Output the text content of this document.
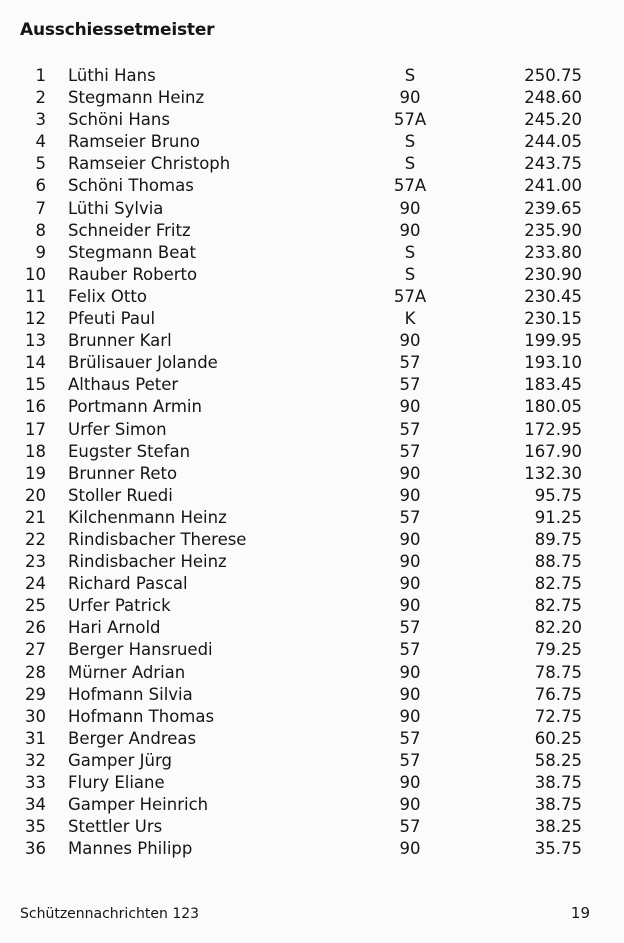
Ausschiessetmeister
1 Lüthi Hans	S	250.75
2 Stegmann Heinz	90	248.60
3 Schöni Hans	57A	245.20
4 Ramseier Bruno	S	244.05
5 Ramseier Christoph	S	243.75
6 Schöni Thomas	57A	241.00
7 Lüthi Sylvia	90	239.65
8 Schneider Fritz	90	235.90
9 Stegmann Beat	S	233.80
10 Rauber Roberto	S	230.90
11 Felix Otto	57A	230.45
12 Pfeuti Paul	K	230.15
13 Brunner Karl	90	199.95
14 Brülisauer Jolande	57	193.10
15 Althaus Peter	57	183.45
16 Portmann Armin	90	180.05
17 Urfer Simon	57	172.95
18 Eugster Stefan	57	167.90
19 Brunner Reto	90	132.30
20 Stoller Ruedi	90	95.75
21 Kilchenmann Heinz	57	91.25
22 Rindisbacher Therese	90	89.75
23 Rindisbacher Heinz	90	88.75
24 Richard Pascal	90	82.75
25 Urfer Patrick	90	82.75
26 Hari Arnold	57	82.20
27 Berger Hansruedi	57	79.25
28 Mürner Adrian	90	78.75
29 Hofmann Silvia	90	76.75
30 Hofmann Thomas	90	72.75
31 Berger Andreas	57	60.25
32 Gamper Jürg	57	58.25
33 Flury Eliane	90	38.75
34 Gamper Heinrich	90	38.75
35 Stettler Urs	57	38.25
36 Mannes Philipp	90	35.75
Schützennachrichten 123	19
